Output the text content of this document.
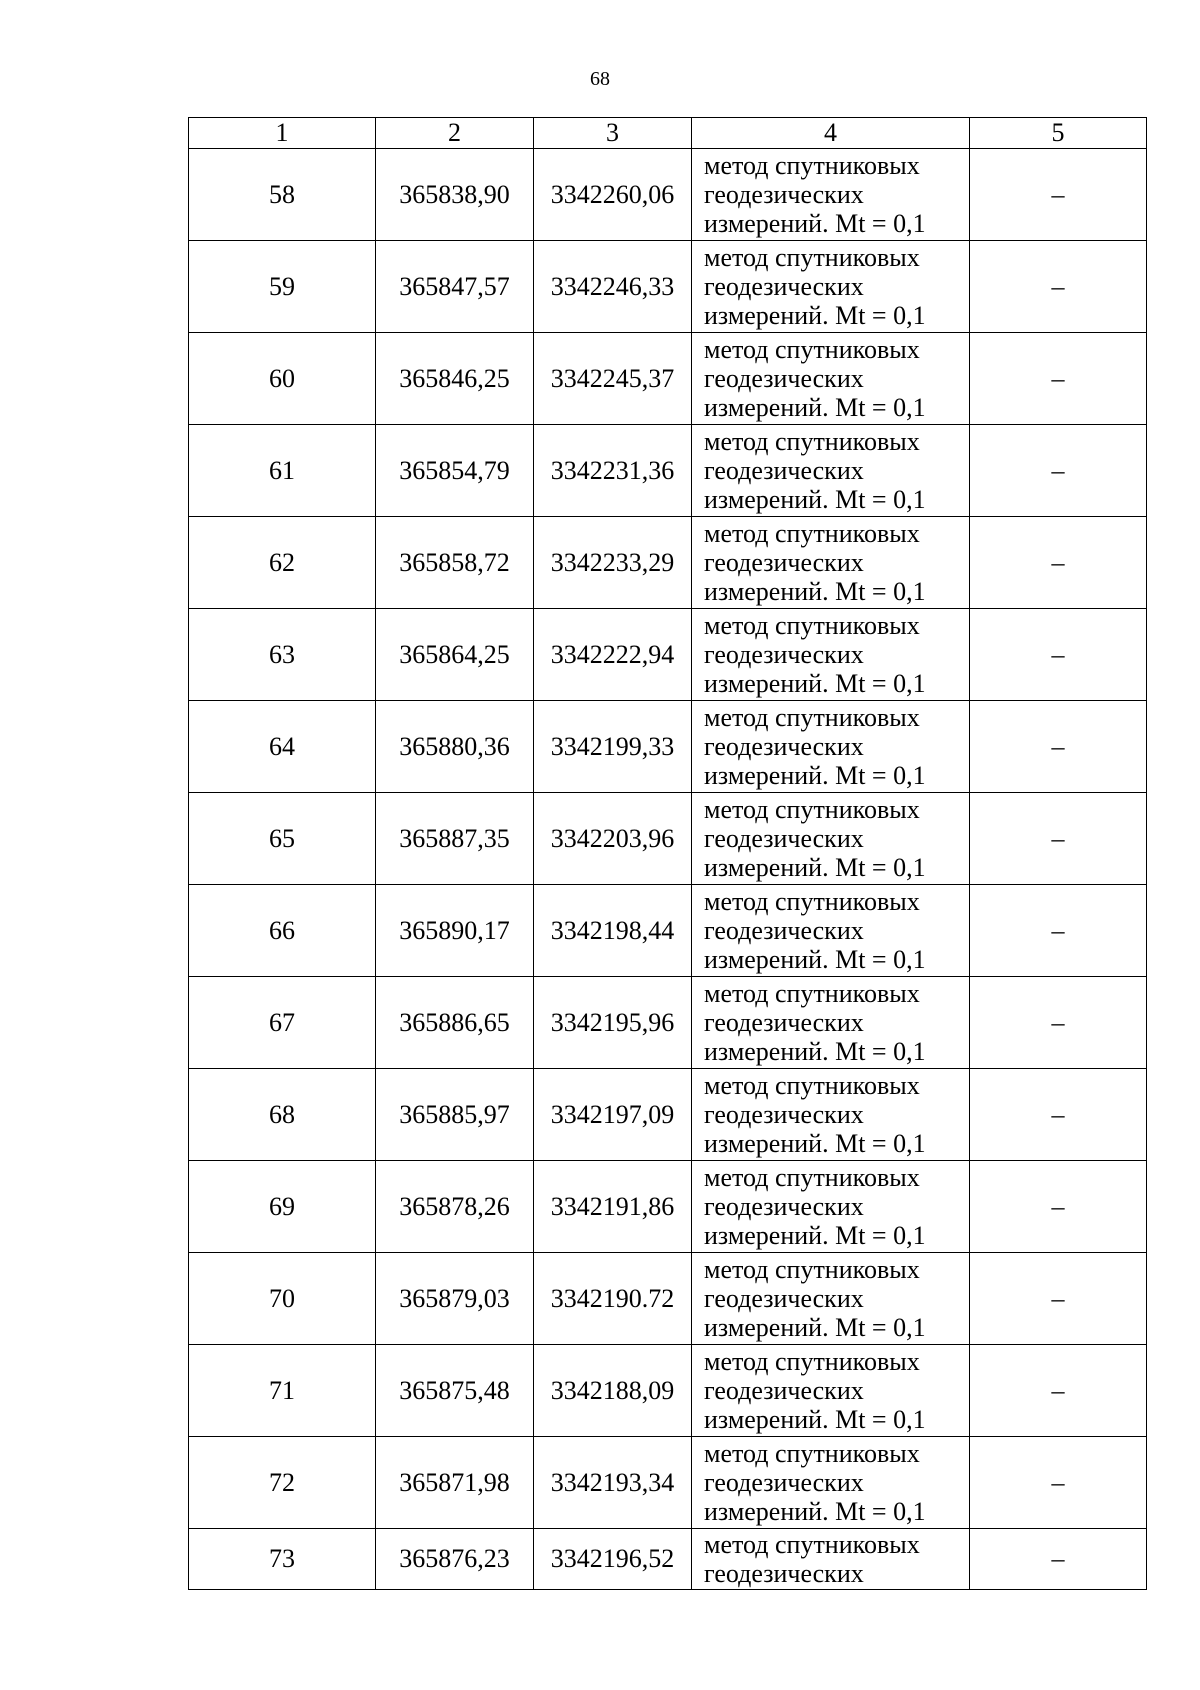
68
1	2	3	4	5
58	365838,90	3342260,06	метод спутниковых
геодезических
измерений. Mt = 0,1	–
59	365847,57	3342246,33	метод спутниковых
геодезических
измерений. Mt = 0,1	–
60	365846,25	3342245,37	метод спутниковых
геодезических
измерений. Mt = 0,1	–
61	365854,79	3342231,36	метод спутниковых
геодезических
измерений. Mt = 0,1	–
62	365858,72	3342233,29	метод спутниковых
геодезических
измерений. Mt = 0,1	–
63	365864,25	3342222,94	метод спутниковых
геодезических
измерений. Mt = 0,1	–
64	365880,36	3342199,33	метод спутниковых
геодезических
измерений. Mt = 0,1	–
65	365887,35	3342203,96	метод спутниковых
геодезических
измерений. Mt = 0,1	–
66	365890,17	3342198,44	метод спутниковых
геодезических
измерений. Mt = 0,1	–
67	365886,65	3342195,96	метод спутниковых
геодезических
измерений. Mt = 0,1	–
68	365885,97	3342197,09	метод спутниковых
геодезических
измерений. Mt = 0,1	–
69	365878,26	3342191,86	метод спутниковых
геодезических
измерений. Mt = 0,1	–
70	365879,03	3342190.72	метод спутниковых
геодезических
измерений. Mt = 0,1	–
71	365875,48	3342188,09	метод спутниковых
геодезических
измерений. Mt = 0,1	–
72	365871,98	3342193,34	метод спутниковых
геодезических
измерений. Mt = 0,1	–
73	365876,23	3342196,52	метод спутниковых
геодезических	–
